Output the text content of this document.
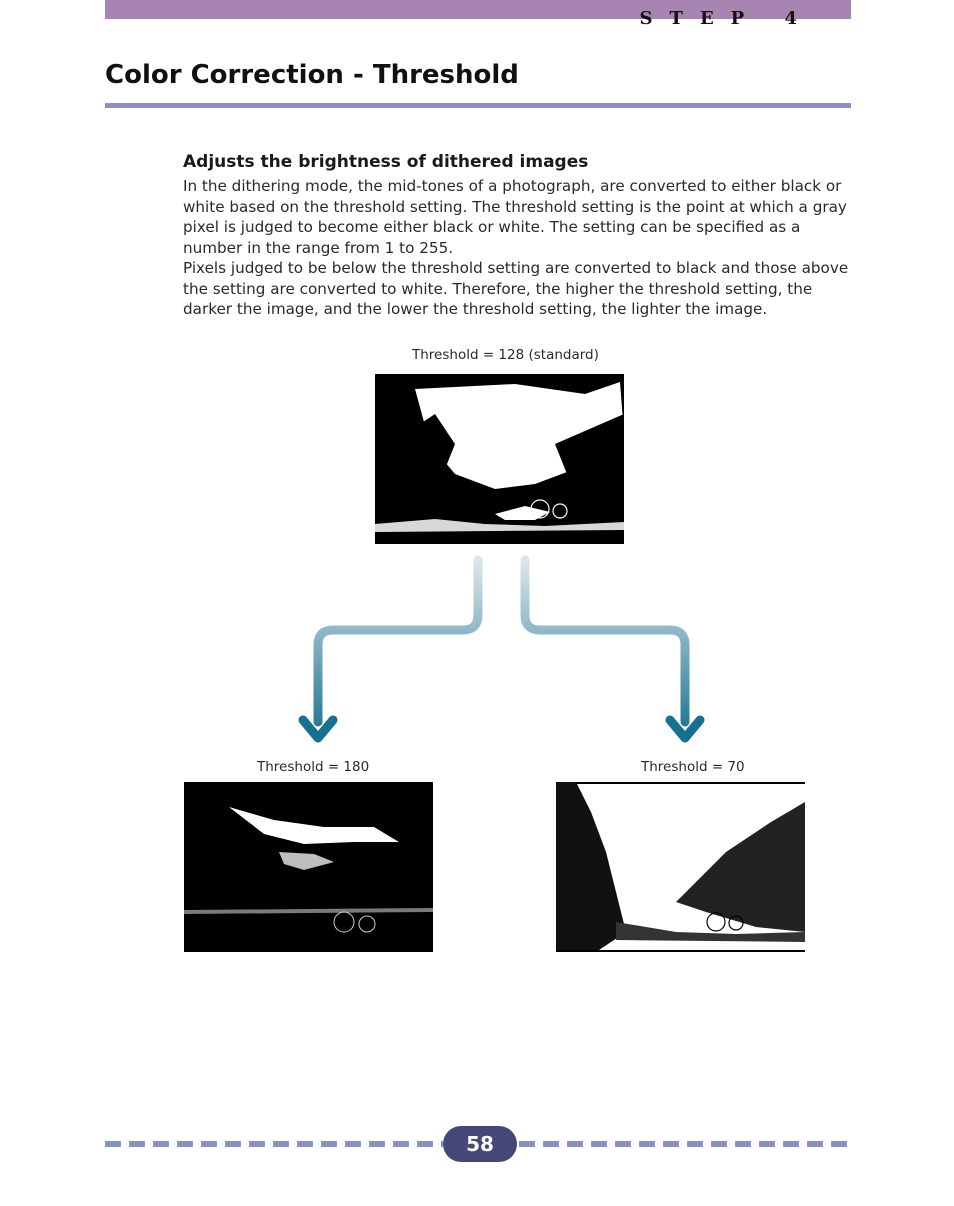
STEP 4
Color Correction - Threshold
Adjusts the brightness of dithered images

In the dithering mode, the mid-tones of a photograph, are converted to either black or white based on the threshold setting. The threshold setting is the point at which a gray pixel is judged to become either black or white. The setting can be specified as a number in the range from 1 to 255.

Pixels judged to be below the threshold setting are converted to black and those above the setting are converted to white. Therefore, the higher the threshold setting, the darker the image, and the lower the threshold setting, the lighter the image.

Threshold = 128 (standard)
Threshold = 180	Threshold = 70
58
